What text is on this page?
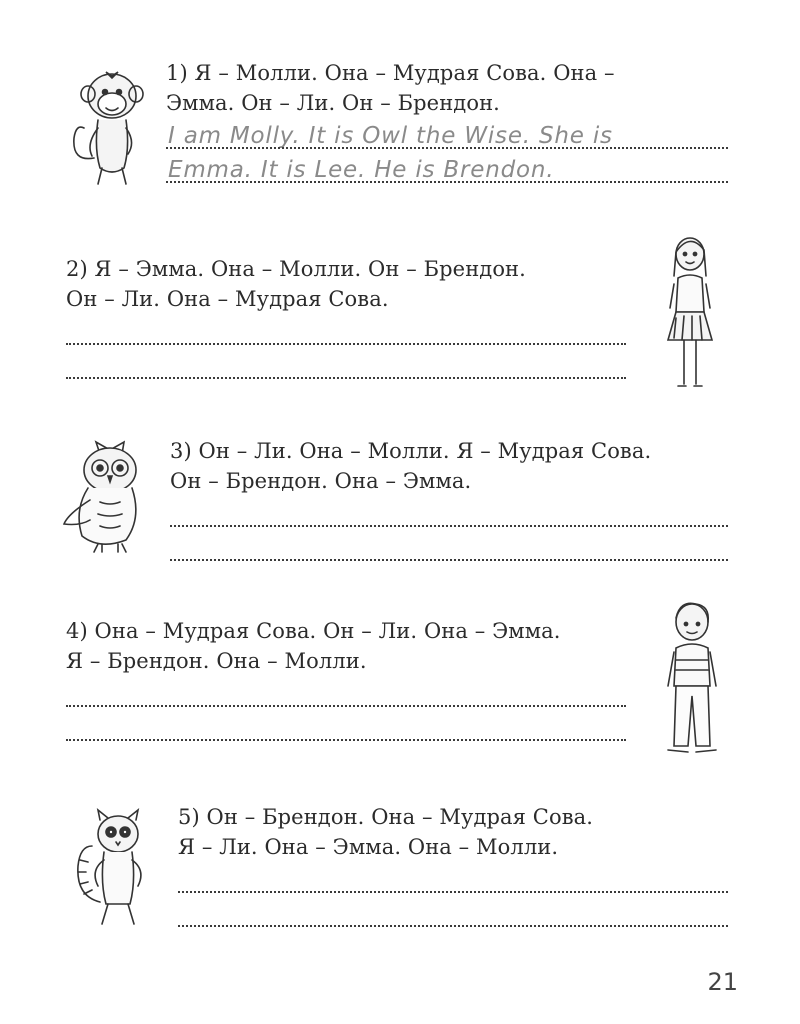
1) Я – Молли. Она – Мудрая Сова. Она –
Эмма. Он – Ли. Он – Брендон.
I am Molly. It is Owl the Wise. She is
Emma. It is Lee. He is Brendon.
2) Я – Эмма. Она – Молли. Он – Брендон.
Он – Ли. Она – Мудрая Сова.
3) Он – Ли. Она – Молли. Я – Мудрая Сова.
Он – Брендон. Она – Эмма.
4) Она – Мудрая Сова. Он – Ли. Она – Эмма.
Я – Брендон. Она – Молли.
5) Он – Брендон. Она – Мудрая Сова.
Я – Ли. Она – Эмма. Она – Молли.
21
